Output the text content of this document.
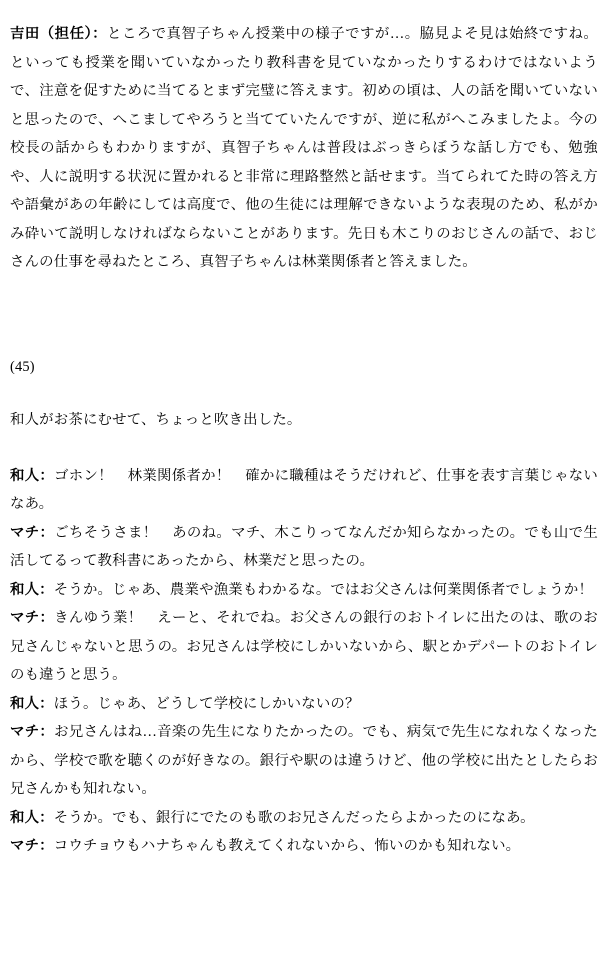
吉田（担任）：ところで真智子ちゃん授業中の様子ですが…。脇見よそ見は始終ですね。といっても授業を聞いていなかったり教科書を見ていなかったりするわけではないようで、注意を促すために当てるとまず完璧に答えます。初めの頃は、人の話を聞いていないと思ったので、へこましてやろうと当てていたんですが、逆に私がへこみましたよ。今の校長の話からもわかりますが、真智子ちゃんは普段はぶっきらぼうな話し方でも、勉強や、人に説明する状況に置かれると非常に理路整然と話せます。当てられてた時の答え方や語彙があの年齢にしては高度で、他の生徒には理解できないような表現のため、私がかみ砕いて説明しなければならないことがあります。先日も木こりのおじさんの話で、おじさんの仕事を尋ねたところ、真智子ちゃんは林業関係者と答えました。

(45)

和人がお茶にむせて、ちょっと吹き出した。

和人：ゴホン！　林業関係者か！　確かに職種はそうだけれど、仕事を表す言葉じゃないなあ。

マチ：ごちそうさま！　あのね。マチ、木こりってなんだか知らなかったの。でも山で生活してるって教科書にあったから、林業だと思ったの。

和人：そうか。じゃあ、農業や漁業もわかるな。ではお父さんは何業関係者でしょうか！

マチ：きんゆう業！　えーと、それでね。お父さんの銀行のおトイレに出たのは、歌のお兄さんじゃないと思うの。お兄さんは学校にしかいないから、駅とかデパートのおトイレのも違うと思う。

和人：ほう。じゃあ、どうして学校にしかいないの？

マチ：お兄さんはね…音楽の先生になりたかったの。でも、病気で先生になれなくなったから、学校で歌を聴くのが好きなの。銀行や駅のは違うけど、他の学校に出たとしたらお兄さんかも知れない。

和人：そうか。でも、銀行にでたのも歌のお兄さんだったらよかったのになあ。

マチ：コウチョウもハナちゃんも教えてくれないから、怖いのかも知れない。
